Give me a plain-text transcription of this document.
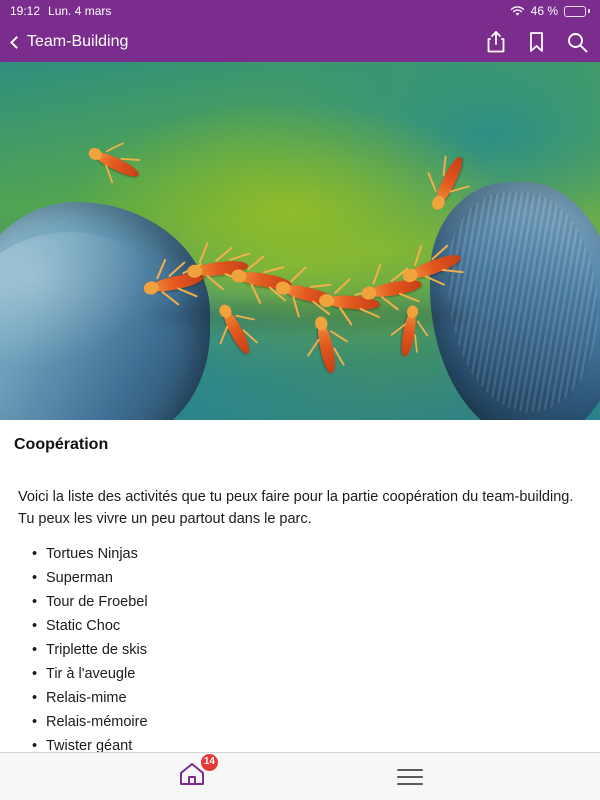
19:12 Lun. 4 mars	46 %
Team-Building
Coopération

Voici la liste des activités que tu peux faire pour la partie coopération du team-building. Tu peux les vivre un peu partout dans le parc.

• Tortues Ninjas
• Superman
• Tour de Froebel
• Static Choc
• Triplette de skis
• Tir à l'aveugle
• Relais-mime
• Relais-mémoire
• Twister géant
14
